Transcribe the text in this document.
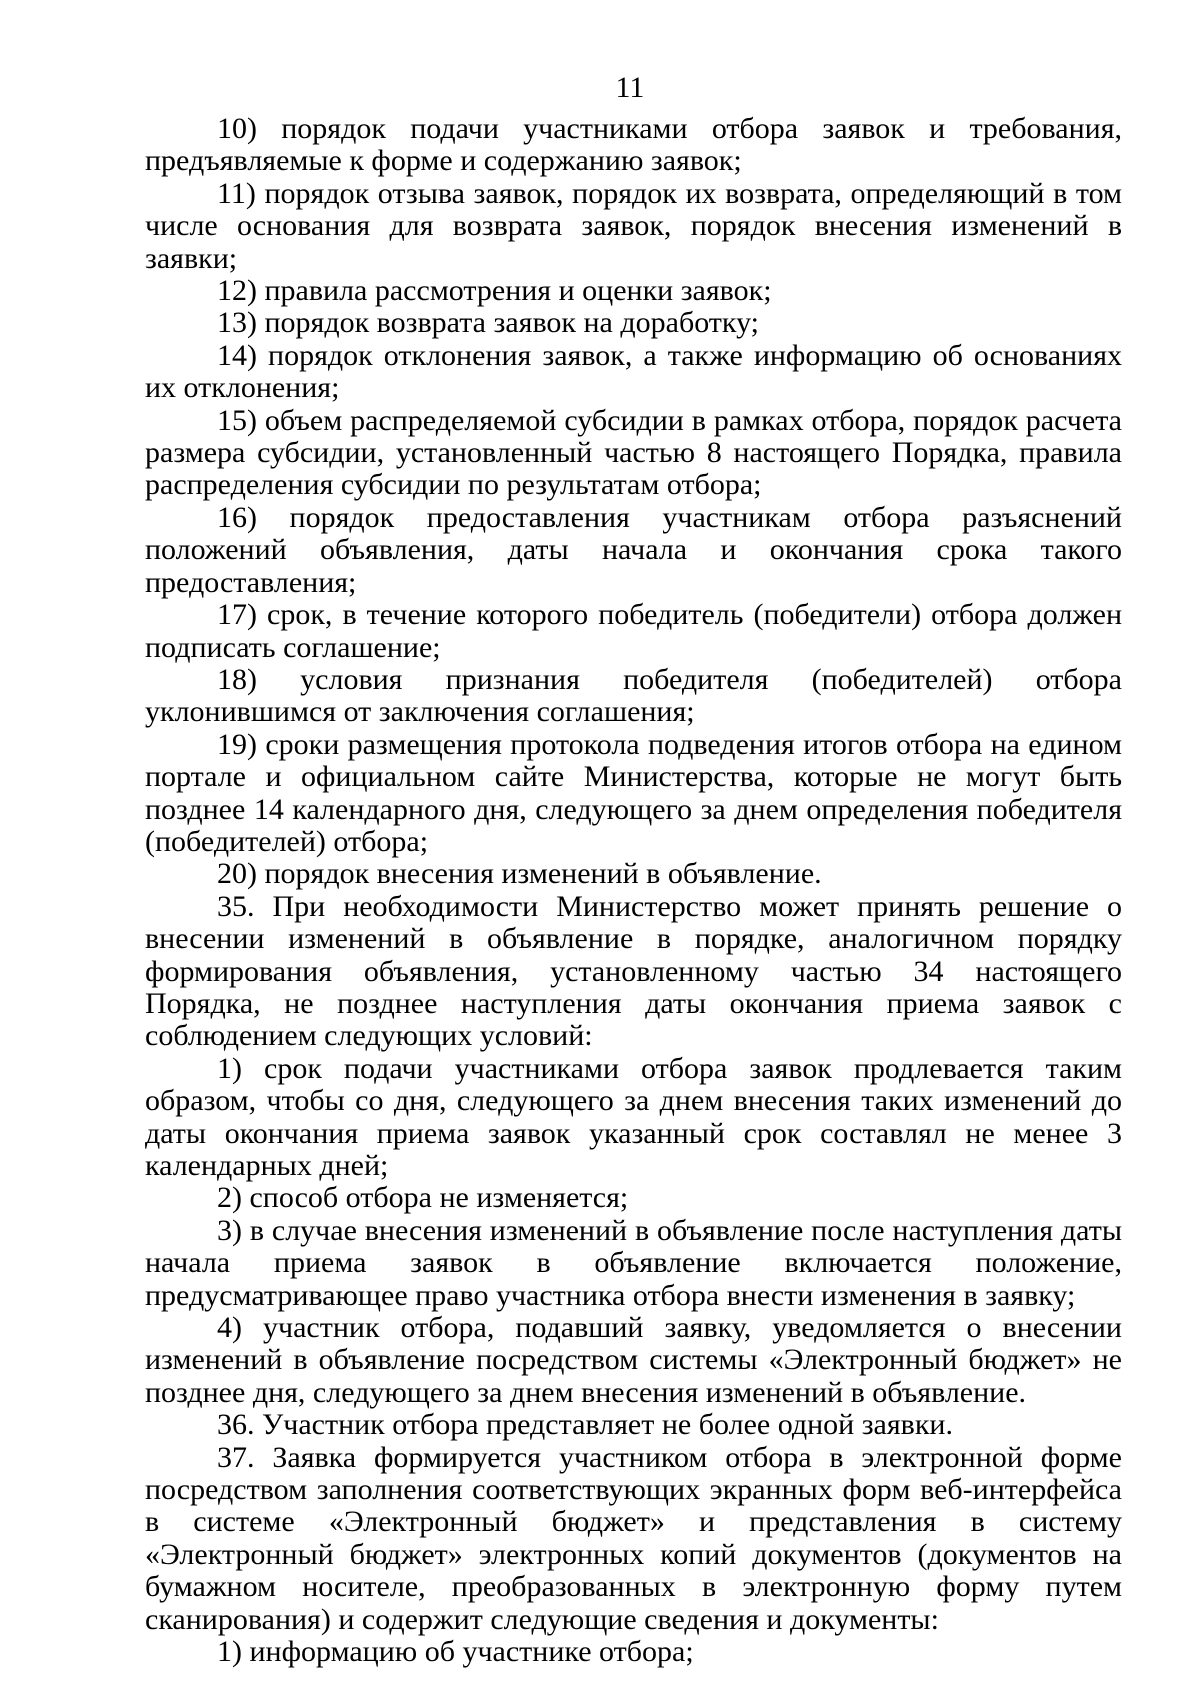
11

10) порядок подачи участниками отбора заявок и требования, предъявляемые к форме и содержанию заявок;

11) порядок отзыва заявок, порядок их возврата, определяющий в том числе основания для возврата заявок, порядок внесения изменений в заявки;

12) правила рассмотрения и оценки заявок;

13) порядок возврата заявок на доработку;

14) порядок отклонения заявок, а также информацию об основаниях их отклонения;

15) объем распределяемой субсидии в рамках отбора, порядок расчета размера субсидии, установленный частью 8 настоящего Порядка, правила распределения субсидии по результатам отбора;

16) порядок предоставления участникам отбора разъяснений положений объявления, даты начала и окончания срока такого предоставления;

17) срок, в течение которого победитель (победители) отбора должен подписать соглашение;

18) условия признания победителя (победителей) отбора уклонившимся от заключения соглашения;

19) сроки размещения протокола подведения итогов отбора на едином портале и официальном сайте Министерства, которые не могут быть позднее 14 календарного дня, следующего за днем определения победителя (победителей) отбора;

20) порядок внесения изменений в объявление.

35. При необходимости Министерство может принять решение о внесении изменений в объявление в порядке, аналогичном порядку формирования объявления, установленному частью 34 настоящего Порядка, не позднее наступления даты окончания приема заявок с соблюдением следующих условий:

1) срок подачи участниками отбора заявок продлевается таким образом, чтобы со дня, следующего за днем внесения таких изменений до даты окончания приема заявок указанный срок составлял не менее 3 календарных дней;

2) способ отбора не изменяется;

3) в случае внесения изменений в объявление после наступления даты начала приема заявок в объявление включается положение, предусматривающее право участника отбора внести изменения в заявку;

4) участник отбора, подавший заявку, уведомляется о внесении изменений в объявление посредством системы «Электронный бюджет» не позднее дня, следующего за днем внесения изменений в объявление.

36. Участник отбора представляет не более одной заявки.

37. Заявка формируется участником отбора в электронной форме посредством заполнения соответствующих экранных форм веб-интерфейса в системе «Электронный бюджет» и представления в систему «Электронный бюджет» электронных копий документов (документов на бумажном носителе, преобразованных в электронную форму путем сканирования) и содержит следующие сведения и документы:

1) информацию об участнике отбора;
